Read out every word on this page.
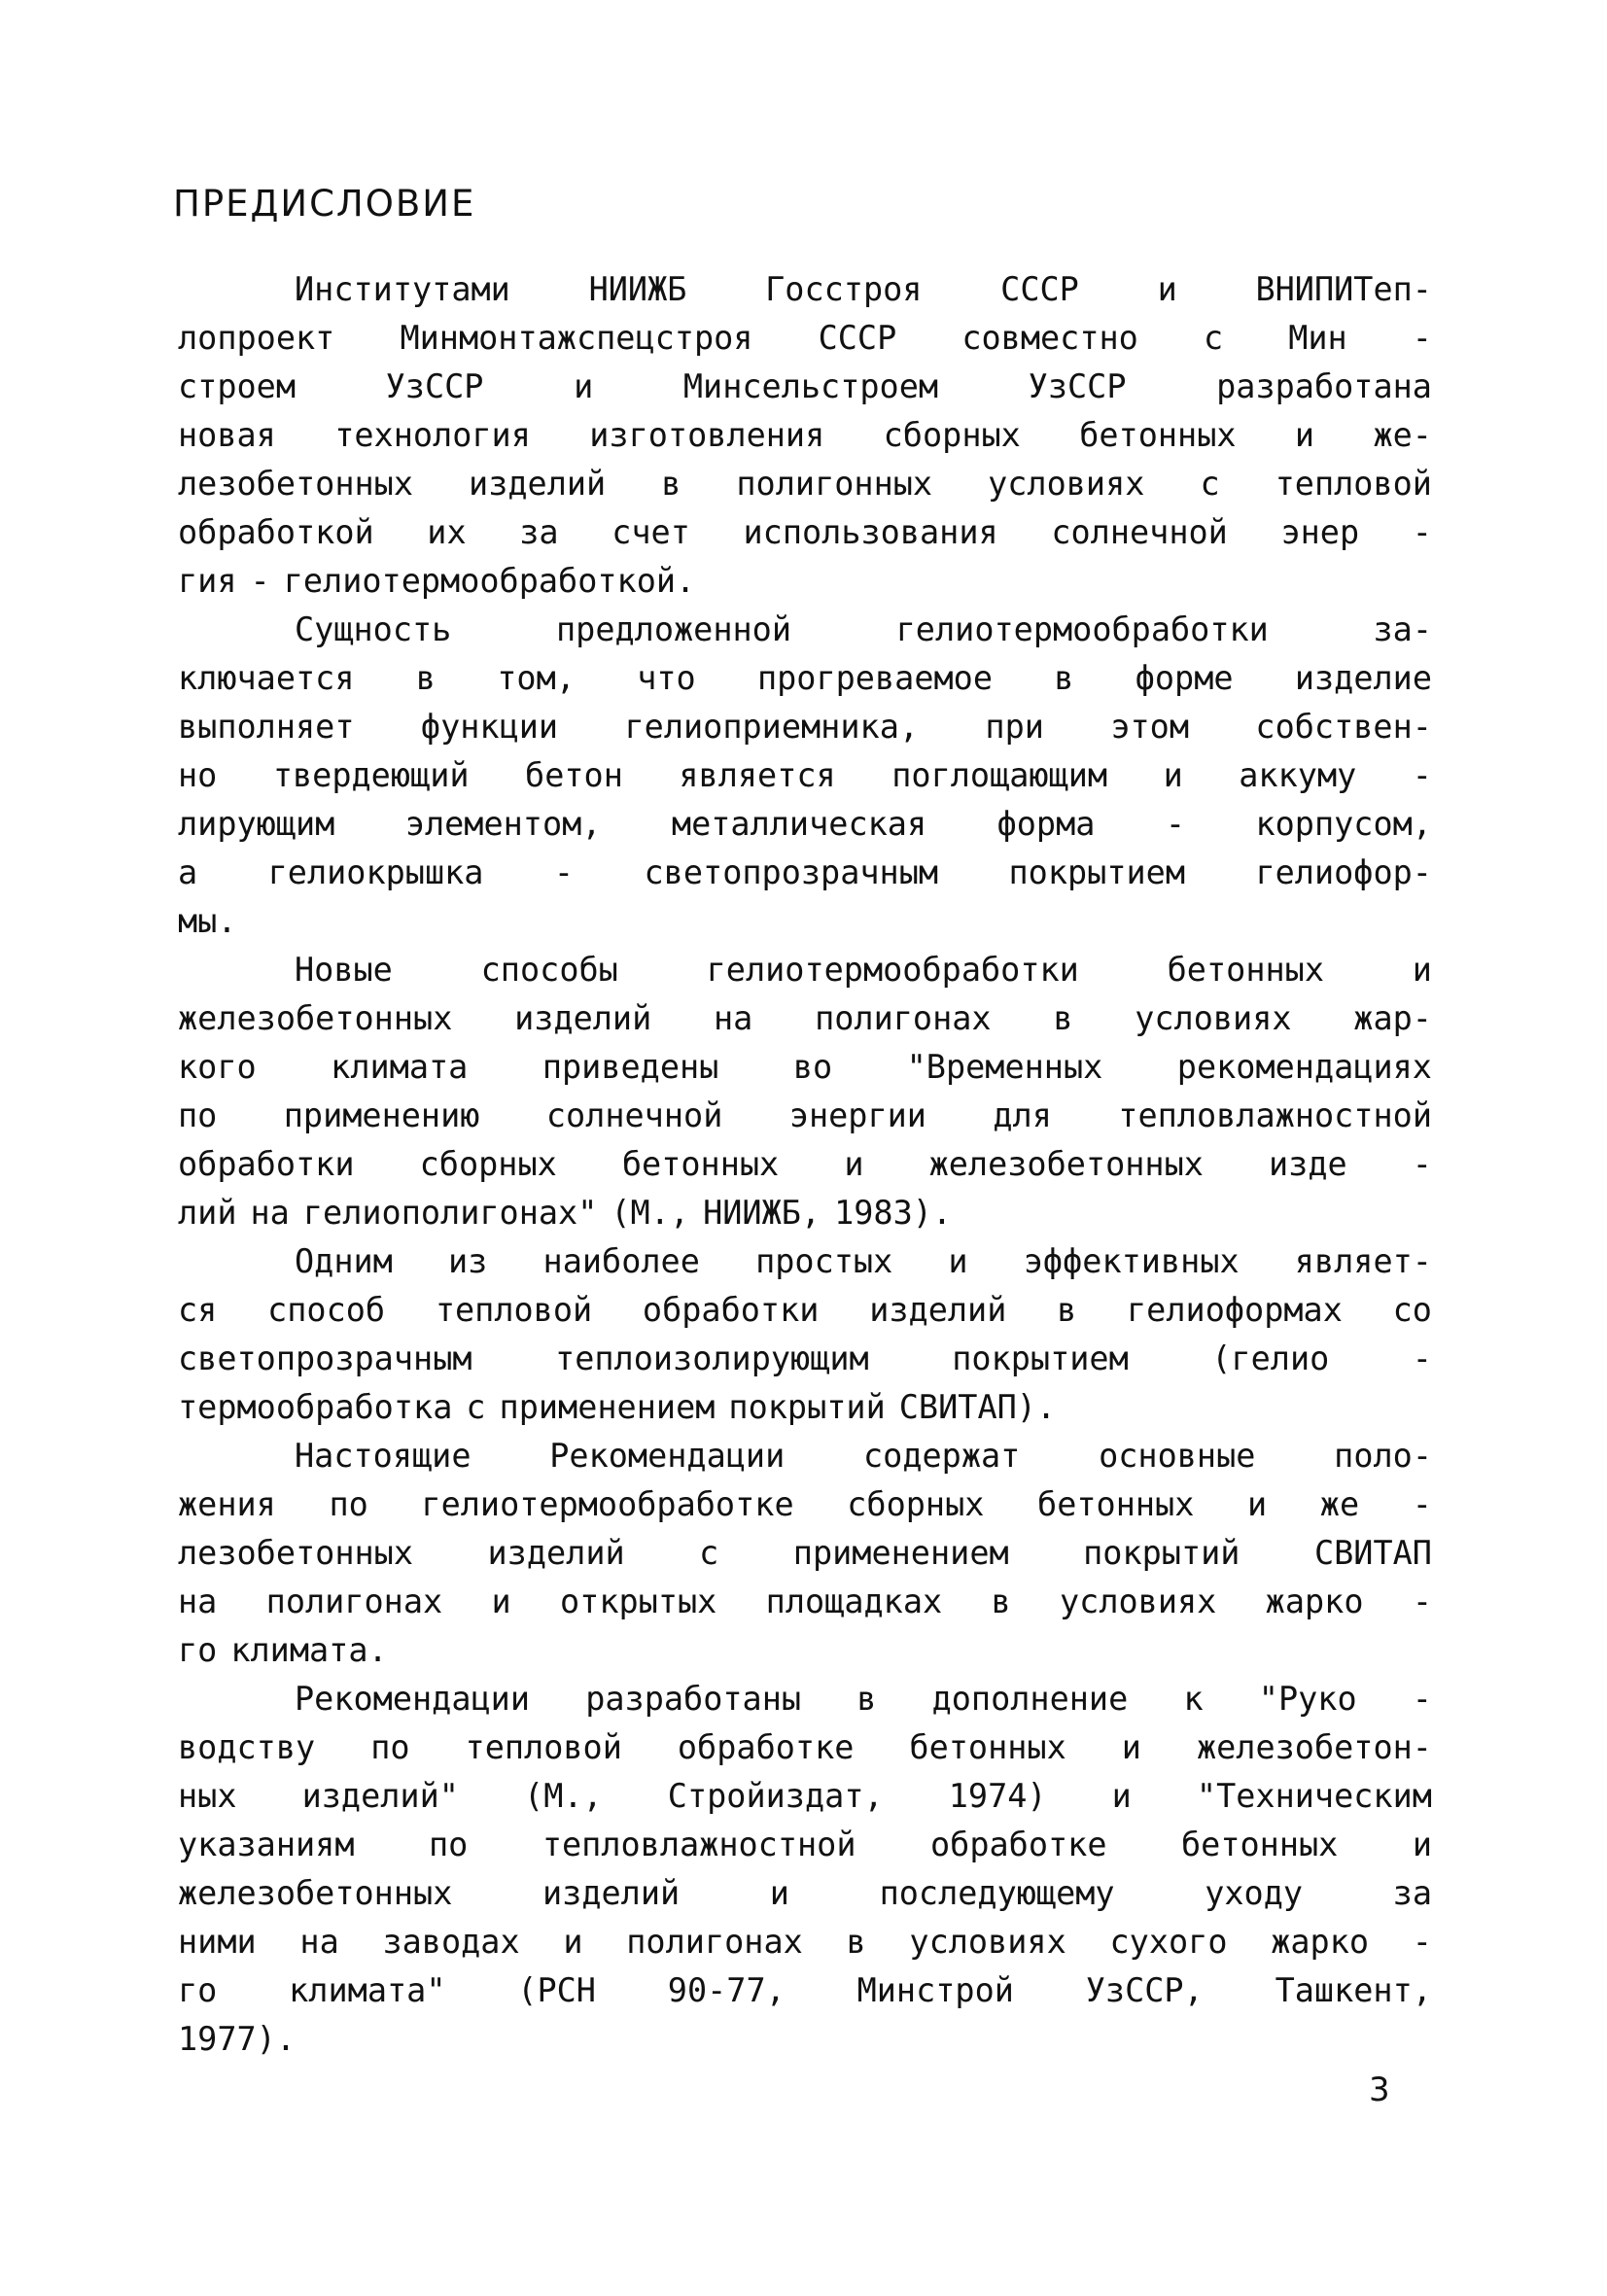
ПРЕДИСЛОВИЕ
Институтами НИИЖБ Госстроя СССР и ВНИПИТеп-
лопроект Минмонтажспецстроя СССР совместно с Мин -
строем	УзССР	и	Минсельстроем	УзССР	разработана
новая технология изготовления сборных бетонных и же-
лезобетонных изделий в полигонных условиях с тепловой
обработкой их за счет использования солнечной энер -
гия - гелиотермообработкой.
Сущность	предложенной	гелиотермообработки	за-
ключается в том, что прогреваемое в форме изделие
выполняет функции гелиоприемника, при этом собствен-
но твердеющий бетон является поглощающим и аккуму -
лирующим элементом, металлическая форма - корпусом,
а гелиокрышка - светопрозрачным покрытием гелиофор-
мы.
Новые	способы	гелиотермообработки	бетонных	и
железобетонных изделий на полигонах в условиях жар-
кого климата приведены во "Временных рекомендациях
по применению солнечной энергии для тепловлажностной
обработки сборных бетонных и железобетонных изде -
лий на гелиополигонах" (М., НИИЖБ, 1983).
Одним из наиболее простых и эффективных являет-
ся способ тепловой обработки изделий в гелиоформах со
светопрозрачным	теплоизолирующим	покрытием	(гелио	-
термообработка с применением покрытий СВИТАП).
Настоящие Рекомендации содержат основные поло-
жения по гелиотермообработке сборных бетонных и же -
лезобетонных изделий с применением покрытий СВИТАП
на полигонах и открытых площадках в условиях жарко -
го климата.
Рекомендации разработаны в дополнение к "Руко -
водству по тепловой обработке бетонных и железобетон-
ных изделий" (М., Стройиздат, 1974) и "Техническим
указаниям по тепловлажностной обработке бетонных и
железобетонных	изделий	и	последующему	уходу	за
ними на заводах и полигонах в условиях сухого жарко -
го климата" (РСН 90-77, Минстрой УзССР, Ташкент,
1977).
3
